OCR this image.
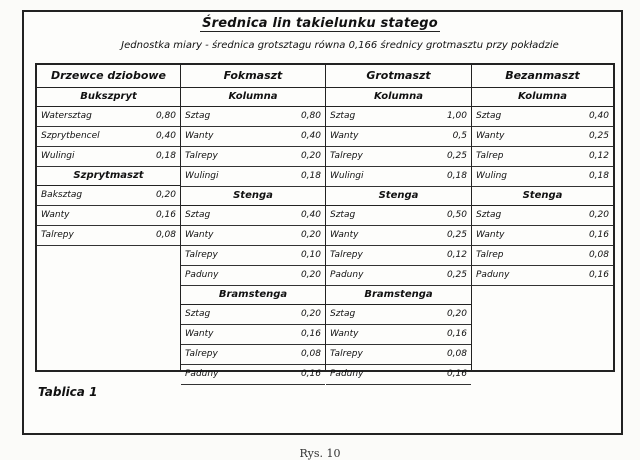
Średnica lin takielunku statego
Jednostka miary - średnica grotsztagu równa 0,166 średnicy grotmasztu przy pokładzie
Drzewce dziobowe
Bukszpryt
Watersztag	0,80
Szprytbencel	0,40
Wulingi	0,18
Szprytmaszt
Baksztag	0,20
Wanty	0,16
Talrepy	0,08
Fokmaszt
Kolumna
Sztag	0,80
Wanty	0,40
Talrepy	0,20
Wulingi	0,18
Stenga
Sztag	0,40
Wanty	0,20
Talrepy	0,10
Paduny	0,20
Bramstenga
Sztag	0,20
Wanty	0,16
Talrepy	0,08
Paduny	0,16
Grotmaszt
Kolumna
Sztag	1,00
Wanty	0,5
Talrepy	0,25
Wulingi	0,18
Stenga
Sztag	0,50
Wanty	0,25
Talrepy	0,12
Paduny	0,25
Bramstenga
Sztag	0,20
Wanty	0,16
Talrepy	0,08
Paduny	0,16
Bezanmaszt
Kolumna
Sztag	0,40
Wanty	0,25
Talrep	0,12
Wuling	0,18
Stenga
Sztag	0,20
Wanty	0,16
Talrep	0,08
Paduny	0,16
Tablica 1
Rys. 10
